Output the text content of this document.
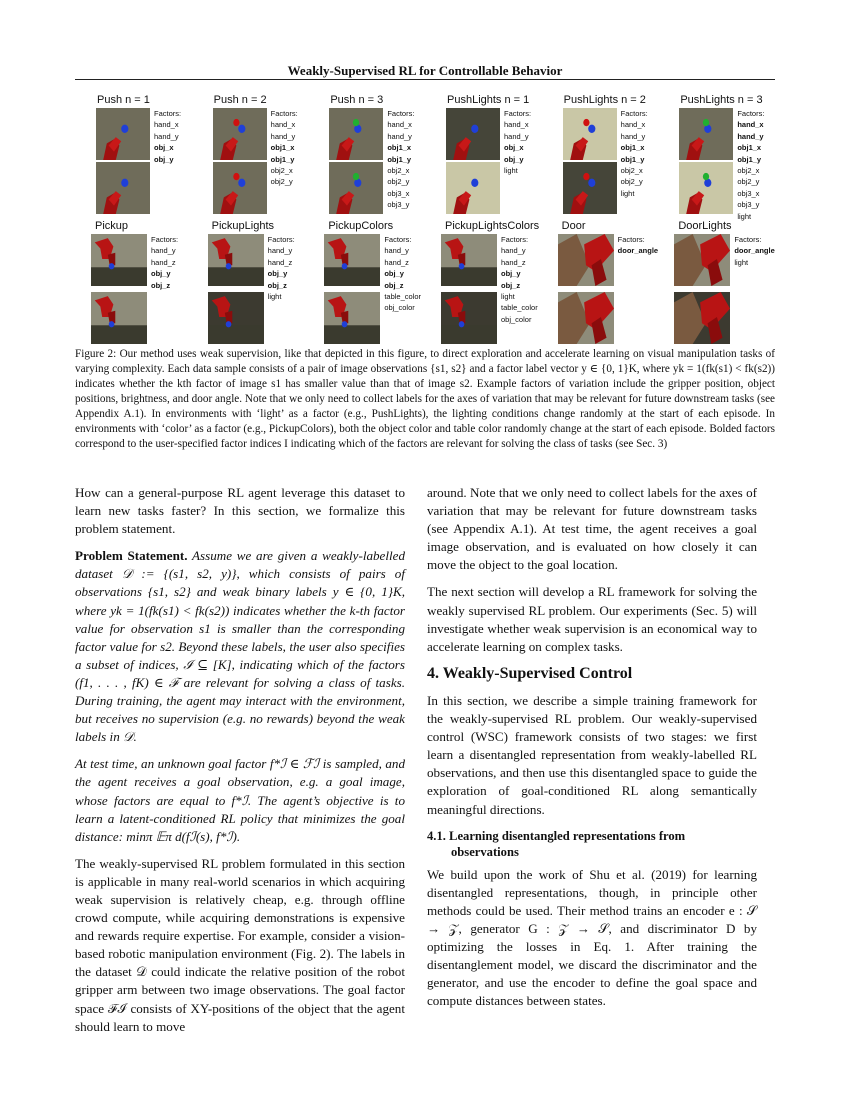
Weakly-Supervised RL for Controllable Behavior
Push n = 1
Factors:
hand_x
hand_y
obj_x
obj_y
Push n = 2
Factors:
hand_x
hand_y
obj1_x
obj1_y
obj2_x
obj2_y
Push n = 3
Factors:
hand_x
hand_y
obj1_x
obj1_y
obj2_x
obj2_y
obj3_x
obj3_y
PushLights n = 1
Factors:
hand_x
hand_y
obj_x
obj_y
light
PushLights n = 2
Factors:
hand_x
hand_y
obj1_x
obj1_y
obj2_x
obj2_y
light
PushLights n = 3
Factors:
hand_x
hand_y
obj1_x
obj1_y
obj2_x
obj2_y
obj3_x
obj3_y
light
Pickup
Factors:
hand_y
hand_z
obj_y
obj_z
PickupLights
Factors:
hand_y
hand_z
obj_y
obj_z
light
PickupColors
Factors:
hand_y
hand_z
obj_y
obj_z
table_color
obj_color
PickupLightsColors
Factors:
hand_y
hand_z
obj_y
obj_z
light
table_color
obj_color
Door
Factors:
door_angle
DoorLights
Factors:
door_angle
light
Figure 2: Our method uses weak supervision, like that depicted in this figure, to direct exploration and accelerate learning on visual manipulation tasks of varying complexity. Each data sample consists of a pair of image observations {s1, s2} and a factor label vector y ∈ {0, 1}K, where yk = 1(fk(s1) < fk(s2)) indicates whether the kth factor of image s1 has smaller value than that of image s2. Example factors of variation include the gripper position, object positions, brightness, and door angle. Note that we only need to collect labels for the axes of variation that may be relevant for future downstream tasks (see Appendix A.1). In environments with ‘light’ as a factor (e.g., PushLights), the lighting conditions change randomly at the start of each episode. In environments with ‘color’ as a factor (e.g., PickupColors), both the object color and table color randomly change at the start of each episode. Bolded factors correspond to the user-specified factor indices I indicating which of the factors are relevant for solving the class of tasks (see Sec. 3)

How can a general-purpose RL agent leverage this dataset to learn new tasks faster? In this section, we formalize this problem statement.

Problem Statement. Assume we are given a weakly-labelled dataset 𝒟 := {(s1, s2, y)}, which consists of pairs of observations {s1, s2} and weak binary labels y ∈ {0, 1}K, where yk = 1(fk(s1) < fk(s2)) indicates whether the k-th factor value for observation s1 is smaller than the corresponding factor value for s2. Beyond these labels, the user also specifies a subset of indices, ℐ ⊆ [K], indicating which of the factors (f1, . . . , fK) ∈ ℱ are relevant for solving a class of tasks. During training, the agent may interact with the environment, but receives no supervision (e.g. no rewards) beyond the weak labels in 𝒟.

At test time, an unknown goal factor f*ℐ ∈ ℱℐ is sampled, and the agent receives a goal observation, e.g. a goal image, whose factors are equal to f*ℐ. The agent’s objective is to learn a latent-conditioned RL policy that minimizes the goal distance: minπ 𝔼π d(fℐ(s), f*ℐ).

The weakly-supervised RL problem formulated in this section is applicable in many real-world scenarios in which acquiring weak supervision is relatively cheap, e.g. through offline crowd compute, while acquiring demonstrations is expensive and rewards require expertise. For example, consider a vision-based robotic manipulation environment (Fig. 2). The labels in the dataset 𝒟 could indicate the relative position of the robot gripper arm between two image observations. The goal factor space ℱℐ consists of XY-positions of the object that the agent should learn to move

around. Note that we only need to collect labels for the axes of variation that may be relevant for future downstream tasks (see Appendix A.1). At test time, the agent receives a goal image observation, and is evaluated on how closely it can move the object to the goal location.

The next section will develop a RL framework for solving the weakly supervised RL problem. Our experiments (Sec. 5) will investigate whether weak supervision is an economical way to accelerate learning on complex tasks.

4. Weakly-Supervised Control

In this section, we describe a simple training framework for the weakly-supervised RL problem. Our weakly-supervised control (WSC) framework consists of two stages: we first learn a disentangled representation from weakly-labelled RL observations, and then use this disentangled space to guide the exploration of goal-conditioned RL along semantically meaningful directions.

4.1. Learning disentangled representations from
observations

We build upon the work of Shu et al. (2019) for learning disentangled representations, though, in principle other methods could be used. Their method trains an encoder e : 𝒮 → 𝒵, generator G : 𝒵 → 𝒮, and discriminator D by optimizing the losses in Eq. 1. After training the disentanglement model, we discard the discriminator and the generator, and use the encoder to define the goal space and compute distances between states.
